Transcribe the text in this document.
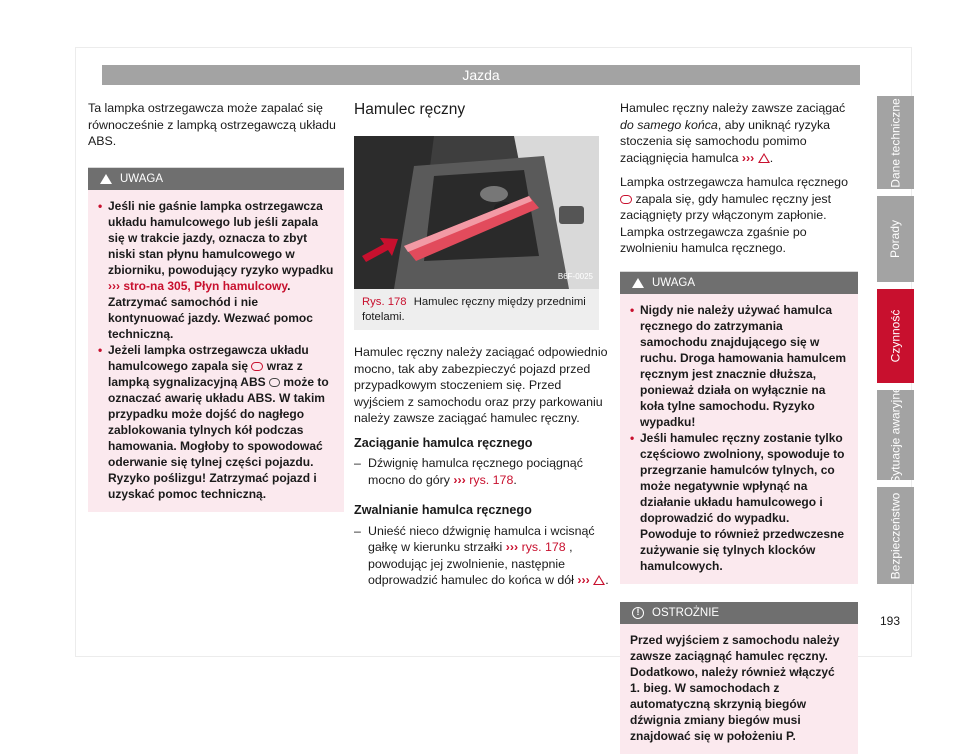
Jazda

Ta lampka ostrzegawcza może zapalać się równocześnie z lampką ostrzegawczą układu ABS.

UWAGA
• Jeśli nie gaśnie lampka ostrzegawcza układu hamulcowego lub jeśli zapala się w trakcie jazdy, oznacza to zbyt niski stan płynu hamulcowego w zbiorniku, powodujący ryzyko wypadku ››› stro-na 305, Płyn hamulcowy. Zatrzymać samochód i nie kontynuować jazdy. Wezwać pomoc techniczną.
• Jeżeli lampka ostrzegawcza układu hamulcowego zapala się wraz z lampką sygnalizacyjną ABS może to oznaczać awarię układu ABS. W takim przypadku może dojść do nagłego zablokowania tylnych kół podczas hamowania. Mogłoby to spowodować oderwanie się tylnej części pojazdu. Ryzyko poślizgu! Zatrzymać pojazd i uzyskać pomoc techniczną.
Hamulec ręczny
B6F-0025
Rys. 178 Hamulec ręczny między przednimi fotelami.

Hamulec ręczny należy zaciągać odpowiednio mocno, tak aby zabezpieczyć pojazd przed przypadkowym stoczeniem się. Przed wyjściem z samochodu oraz przy parkowaniu należy zawsze zaciągać hamulec ręczny.

Zaciąganie hamulca ręcznego

– Dźwignię hamulca ręcznego pociągnąć mocno do góry ››› rys. 178.

Zwalnianie hamulca ręcznego

– Unieść nieco dźwignię hamulca i wcisnąć gałkę w kierunku strzałki ››› rys. 178 , powodując jej zwolnienie, następnie odprowadzić hamulec do końca w dół ››› .

Hamulec ręczny należy zawsze zaciągać do samego końca, aby uniknąć ryzyka stoczenia się samochodu pomimo zaciągnięcia hamulca ››› .

Lampka ostrzegawcza hamulca ręcznego  zapala się, gdy hamulec ręczny jest zaciągnięty przy włączonym zapłonie. Lampka ostrzegawcza zgaśnie po zwolnieniu hamulca ręcznego.

UWAGA
• Nigdy nie należy używać hamulca ręcznego do zatrzymania samochodu znajdującego się w ruchu. Droga hamowania hamulcem ręcznym jest znacznie dłuższa, ponieważ działa on wyłącznie na koła tylne samochodu. Ryzyko wypadku!
• Jeśli hamulec ręczny zostanie tylko częściowo zwolniony, spowoduje to przegrzanie hamulców tylnych, co może negatywnie wpłynąć na działanie układu hamulcowego i doprowadzić do wypadku. Powoduje to również przedwczesne zużywanie się tylnych klocków hamulcowych.
!	OSTROŻNIE
Przed wyjściem z samochodu należy zawsze zaciągnąć hamulec ręczny. Dodatkowo, należy również włączyć 1. bieg. W samochodach z automatyczną skrzynią biegów dźwignia zmiany biegów musi znajdować się w położeniu P.
Dane techniczne
Porady
Czynność
Sytuacje awaryjne
Bezpieczeństwo
193
